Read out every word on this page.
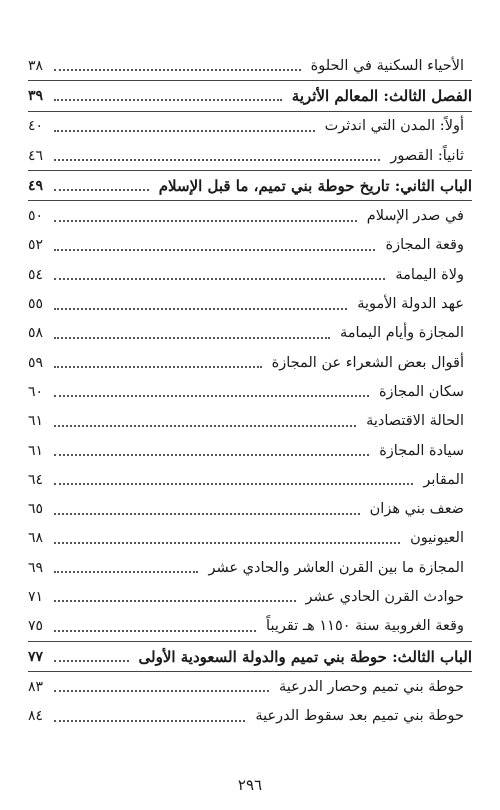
الأحياء السكنية في الحلوة
٣٨
الفصل الثالث: المعالم الأثرية
٣٩
أولاً: المدن التي اندثرت
٤٠
ثانياً: القصور
٤٦
الباب الثاني: تاريخ حوطة بني تميم، ما قبل الإسلام
٤٩
في صدر الإسلام
٥٠
وقعة المجازة
٥٢
ولاة اليمامة
٥٤
عهد الدولة الأموية
٥٥
المجازة وأيام اليمامة
٥٨
أقوال بعض الشعراء عن المجازة
٥٩
سكان المجازة
٦٠
الحالة الاقتصادية
٦١
سيادة المجازة
٦١
المقابر
٦٤
ضعف بني هزان
٦٥
العيونيون
٦٨
المجازة ما بين القرن العاشر والحادي عشر
٦٩
حوادث القرن الحادي عشر
٧١
وقعة الغروبية سنة ١١٥٠ هـ تقريباً
٧٥
الباب الثالث: حوطة بني تميم والدولة السعودية الأولى
٧٧
حوطة بني تميم وحصار الدرعية
٨٣
حوطة بني تميم بعد سقوط الدرعية
٨٤
٢٩٦
